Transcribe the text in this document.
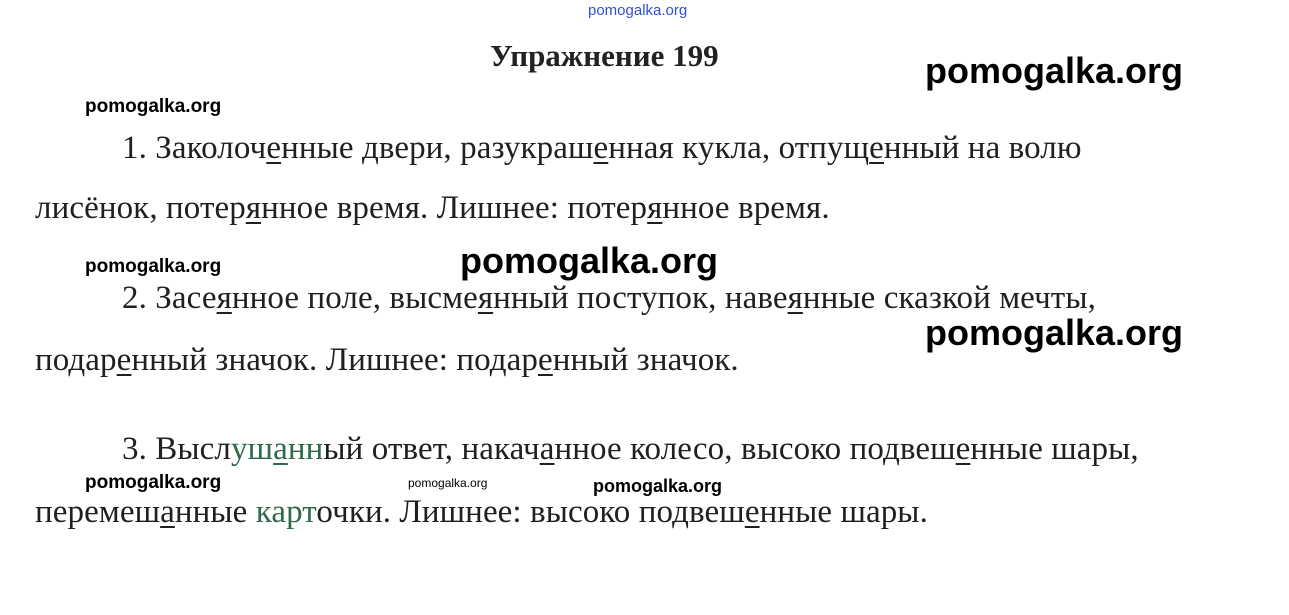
pomogalka.org
Упражнение 199	pomogalka.org
pomogalka.org
1. Заколоченные двери, разукрашенная кукла, отпущенный на волю
лисёнок, потерянное время. Лишнее: потерянное время.
pomogalka.org	pomogalka.org
2. Засеянное поле, высмеянный поступок, навеянные сказкой мечты,
pomogalka.org
подаренный значок. Лишнее: подаренный значок.
3. Выслушанный ответ, накачанное колесо, высоко подвешенные шары,
pomogalka.org	pomogalka.org	pomogalka.org
перемешанные карточки. Лишнее: высоко подвешенные шары.
